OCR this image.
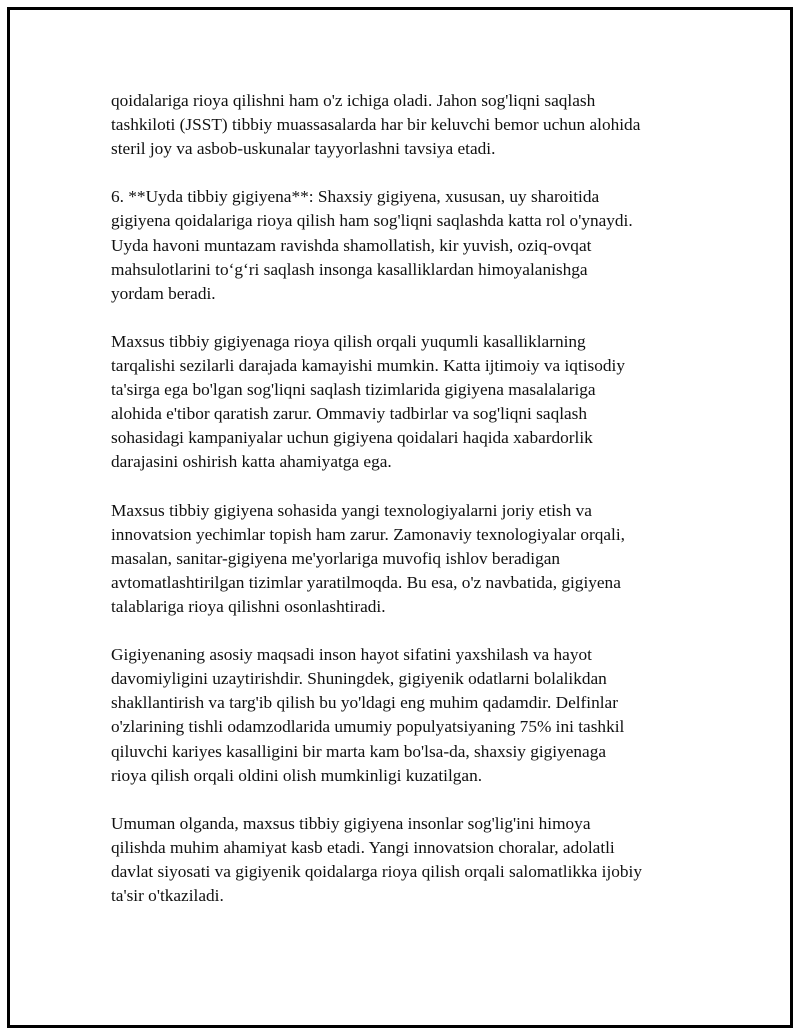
qoidalariga rioya qilishni ham o'z ichiga oladi. Jahon sog'liqni saqlash
tashkiloti (JSST) tibbiy muassasalarda har bir keluvchi bemor uchun alohida
steril joy va asbob-uskunalar tayyorlashni tavsiya etadi.

6. **Uyda tibbiy gigiyena**: Shaxsiy gigiyena, xususan, uy sharoitida
gigiyena qoidalariga rioya qilish ham sog'liqni saqlashda katta rol o'ynaydi.
Uyda havoni muntazam ravishda shamollatish, kir yuvish, oziq-ovqat
mahsulotlarini to‘g‘ri saqlash insonga kasalliklardan himoyalanishga
yordam beradi.

Maxsus tibbiy gigiyenaga rioya qilish orqali yuqumli kasalliklarning
tarqalishi sezilarli darajada kamayishi mumkin. Katta ijtimoiy va iqtisodiy
ta'sirga ega bo'lgan sog'liqni saqlash tizimlarida gigiyena masalalariga
alohida e'tibor qaratish zarur. Ommaviy tadbirlar va sog'liqni saqlash
sohasidagi kampaniyalar uchun gigiyena qoidalari haqida xabardorlik
darajasini oshirish katta ahamiyatga ega.

Maxsus tibbiy gigiyena sohasida yangi texnologiyalarni joriy etish va
innovatsion yechimlar topish ham zarur. Zamonaviy texnologiyalar orqali,
masalan, sanitar-gigiyena me'yorlariga muvofiq ishlov beradigan
avtomatlashtirilgan tizimlar yaratilmoqda. Bu esa, o'z navbatida, gigiyena
talablariga rioya qilishni osonlashtiradi.

Gigiyenaning asosiy maqsadi inson hayot sifatini yaxshilash va hayot
davomiyligini uzaytirishdir. Shuningdek, gigiyenik odatlarni bolalikdan
shakllantirish va targ'ib qilish bu yo'ldagi eng muhim qadamdir. Delfinlar
o'zlarining tishli odamzodlarida umumiy populyatsiyaning 75% ini tashkil
qiluvchi kariyes kasalligini bir marta kam bo'lsa-da, shaxsiy gigiyenaga
rioya qilish orqali oldini olish mumkinligi kuzatilgan.

Umuman olganda, maxsus tibbiy gigiyena insonlar sog'lig'ini himoya
qilishda muhim ahamiyat kasb etadi. Yangi innovatsion choralar, adolatli
davlat siyosati va gigiyenik qoidalarga rioya qilish orqali salomatlikka ijobiy
ta'sir o'tkaziladi.
